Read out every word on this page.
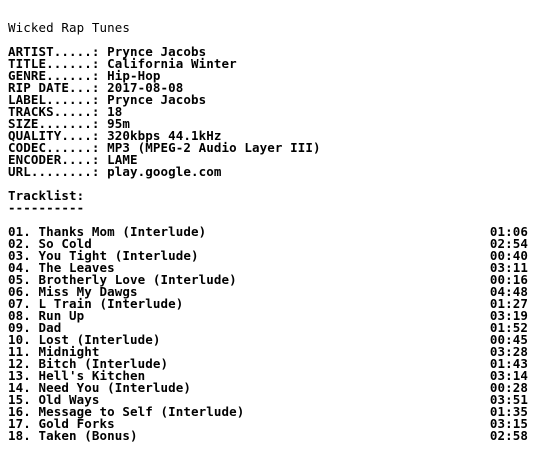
Wicked Rap Tunes
ARTIST.....: Prynce Jacobs
TITLE......: California Winter
GENRE......: Hip-Hop
RIP DATE...: 2017-08-08
LABEL......: Prynce Jacobs
TRACKS.....: 18
SIZE.......: 95m
QUALITY....: 320kbps 44.1kHz
CODEC......: MP3 (MPEG-2 Audio Layer III)
ENCODER....: LAME
URL........: play.google.com
Tracklist:
----------
01. Thanks Mom (Interlude)	01:06
02. So Cold	02:54
03. You Tight (Interlude)	00:40
04. The Leaves	03:11
05. Brotherly Love (Interlude)	00:16
06. Miss My Dawgs	04:48
07. L Train (Interlude)	01:27
08. Run Up	03:19
09. Dad	01:52
10. Lost (Interlude)	00:45
11. Midnight	03:28
12. Bitch (Interlude)	01:43
13. Hell's Kitchen	03:14
14. Need You (Interlude)	00:28
15. Old Ways	03:51
16. Message to Self (Interlude)	01:35
17. Gold Forks	03:15
18. Taken (Bonus)	02:58
